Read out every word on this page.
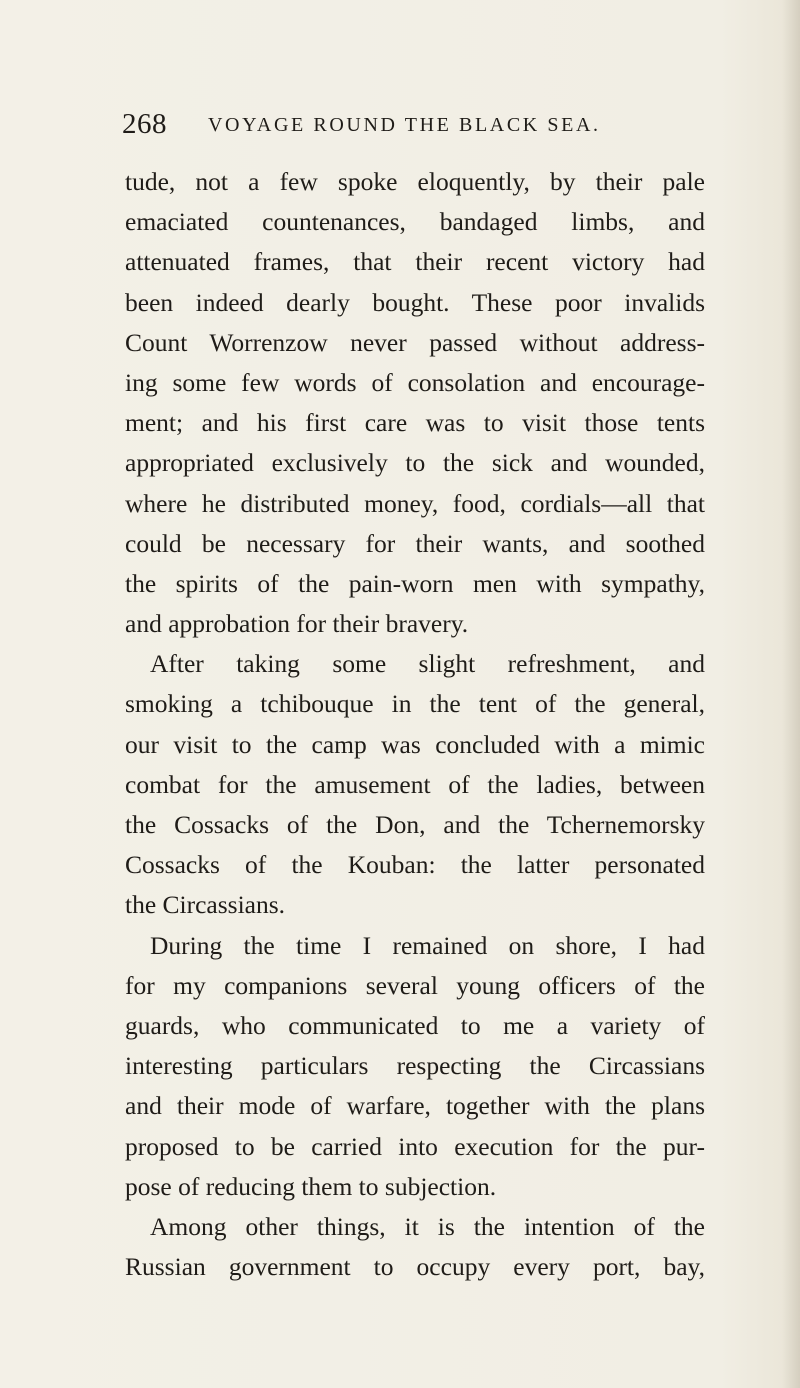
268 VOYAGE ROUND THE BLACK SEA.
tude, not a few spoke eloquently, by their pale
emaciated countenances, bandaged limbs, and
attenuated frames, that their recent victory had
been indeed dearly bought. These poor invalids
Count Worrenzow never passed without address-
ing some few words of consolation and encourage-
ment; and his first care was to visit those tents
appropriated exclusively to the sick and wounded,
where he distributed money, food, cordials—all that
could be necessary for their wants, and soothed
the spirits of the pain-worn men with sympathy,
and approbation for their bravery.
After taking some slight refreshment, and
smoking a tchibouque in the tent of the general,
our visit to the camp was concluded with a mimic
combat for the amusement of the ladies, between
the Cossacks of the Don, and the Tchernemorsky
Cossacks of the Kouban: the latter personated
the Circassians.
During the time I remained on shore, I had
for my companions several young officers of the
guards, who communicated to me a variety of
interesting particulars respecting the Circassians
and their mode of warfare, together with the plans
proposed to be carried into execution for the pur-
pose of reducing them to subjection.
Among other things, it is the intention of the
Russian government to occupy every port, bay,
